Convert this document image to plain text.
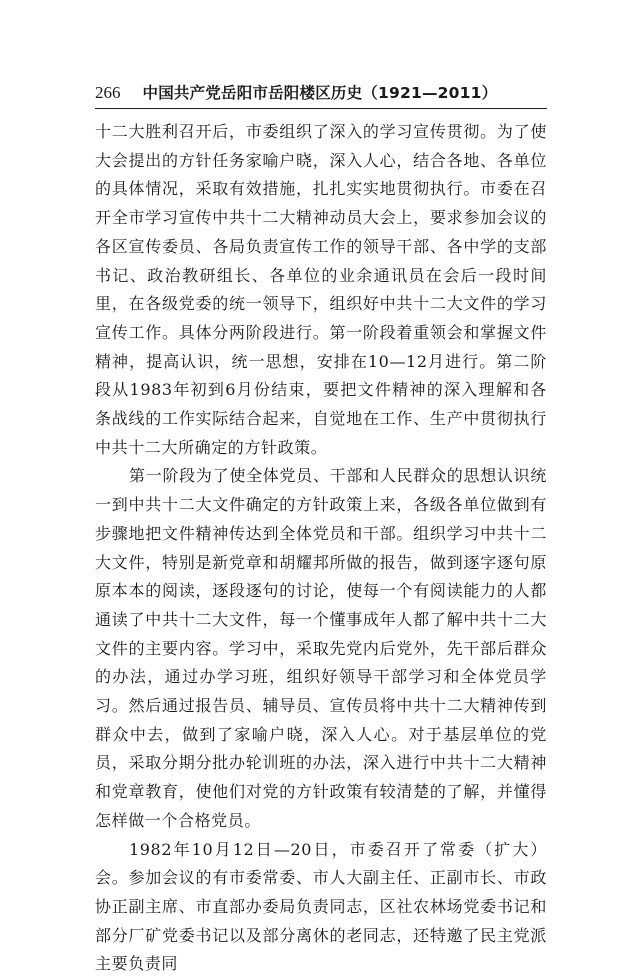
266 中国共产党岳阳市岳阳楼区历史（1921—2011）

十二大胜利召开后，市委组织了深入的学习宣传贯彻。为了使大会提出的方针任务家喻户晓，深入人心，结合各地、各单位的具体情况，采取有效措施，扎扎实实地贯彻执行。市委在召开全市学习宣传中共十二大精神动员大会上，要求参加会议的各区宣传委员、各局负责宣传工作的领导干部、各中学的支部书记、政治教研组长、各单位的业余通讯员在会后一段时间里，在各级党委的统一领导下，组织好中共十二大文件的学习宣传工作。具体分两阶段进行。第一阶段着重领会和掌握文件精神，提高认识，统一思想，安排在10—12月进行。第二阶段从1983年初到6月份结束，要把文件精神的深入理解和各条战线的工作实际结合起来，自觉地在工作、生产中贯彻执行中共十二大所确定的方针政策。

第一阶段为了使全体党员、干部和人民群众的思想认识统一到中共十二大文件确定的方针政策上来，各级各单位做到有步骤地把文件精神传达到全体党员和干部。组织学习中共十二大文件，特别是新党章和胡耀邦所做的报告，做到逐字逐句原原本本的阅读，逐段逐句的讨论，使每一个有阅读能力的人都通读了中共十二大文件，每一个懂事成年人都了解中共十二大文件的主要内容。学习中，采取先党内后党外，先干部后群众的办法，通过办学习班，组织好领导干部学习和全体党员学习。然后通过报告员、辅导员、宣传员将中共十二大精神传到群众中去，做到了家喻户晓，深入人心。对于基层单位的党员，采取分期分批办轮训班的办法，深入进行中共十二大精神和党章教育，使他们对党的方针政策有较清楚的了解，并懂得怎样做一个合格党员。

1982年10月12日—20日，市委召开了常委（扩大）会。参加会议的有市委常委、市人大副主任、正副市长、市政协正副主席、市直部办委局负责同志，区社农林场党委书记和部分厂矿党委书记以及部分离休的老同志，还特邀了民主党派主要负责同
